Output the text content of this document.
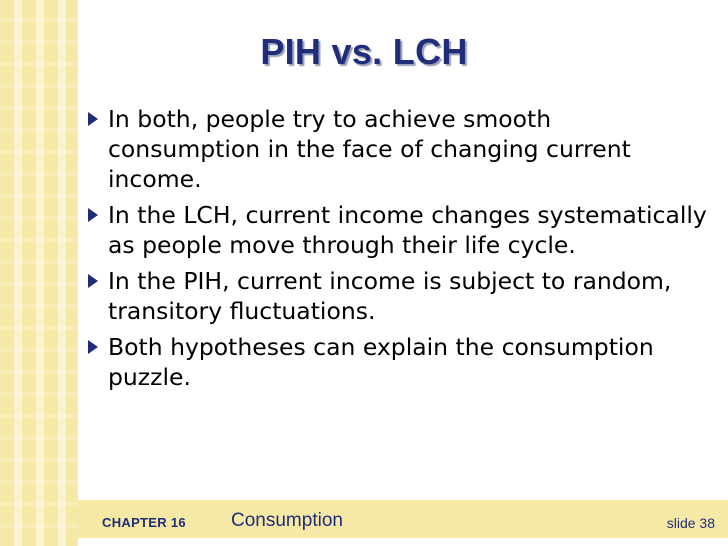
PIH vs. LCH
In both, people try to achieve smooth consumption in the face of changing current income.
In the LCH, current income changes systematically as people move through their life cycle.
In the PIH, current income is subject to random, transitory fluctuations.
Both hypotheses can explain the consumption puzzle.
CHAPTER 16 Consumption	slide 38
